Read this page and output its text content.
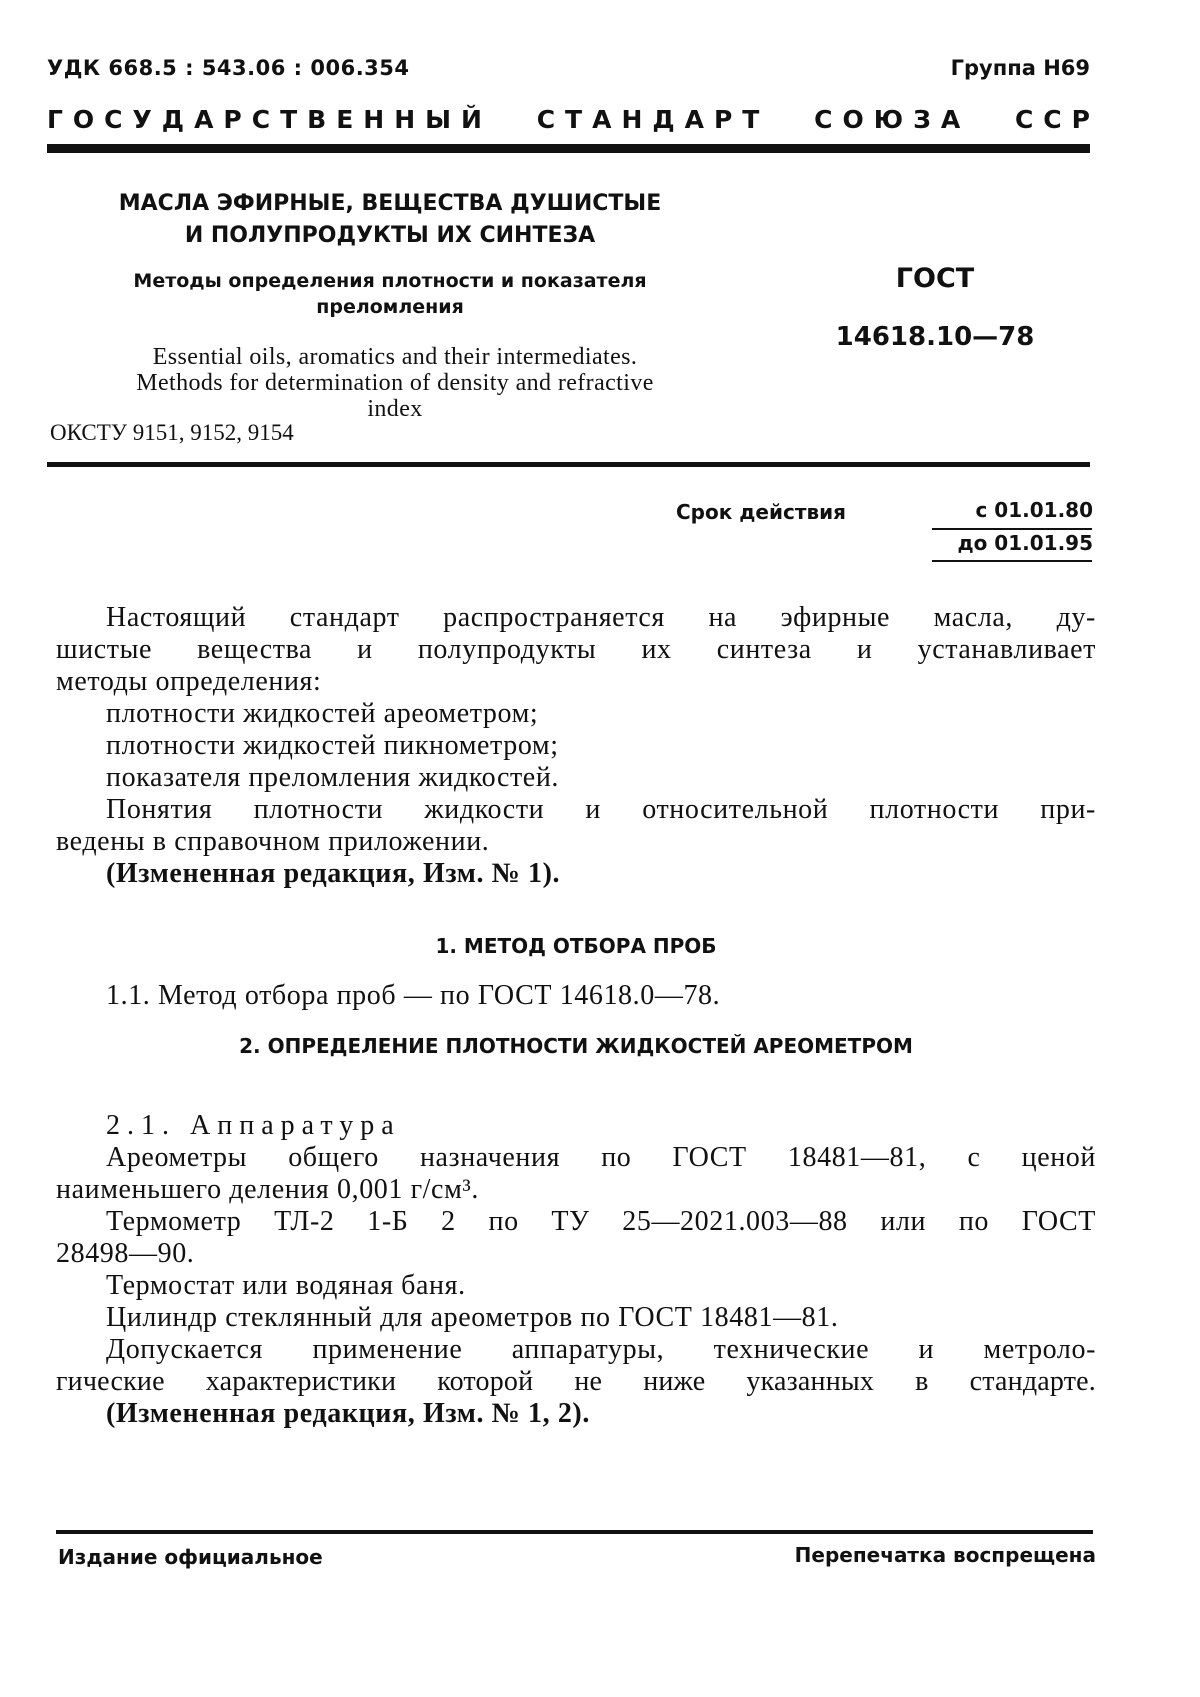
УДК 668.5 : 543.06 : 006.354	Группа Н69
ГОСУДАРСТВЕННЫЙ СТАНДАРТ СОЮЗА ССР
МАСЛА ЭФИРНЫЕ, ВЕЩЕСТВА ДУШИСТЫЕ
И ПОЛУПРОДУКТЫ ИХ СИНТЕЗА
Методы определения плотности и показателя
преломления
Essential oils, aromatics and their intermediates.
Methods for determination of density and refractive
index
ОКСТУ 9151, 9152, 9154
ГОСТ
14618.10—78
Срок действия	с 01.01.80
до 01.01.95

Настоящий стандарт распространяется на эфирные масла, ду-

шистые вещества и полупродукты их синтеза и устанавливает

методы определения:

плотности жидкостей ареометром;

плотности жидкостей пикнометром;

показателя преломления жидкостей.

Понятия плотности жидкости и относительной плотности при-

ведены в справочном приложении.

(Измененная редакция, Изм. № 1).

1. МЕТОД ОТБОРА ПРОБ

1.1. Метод отбора проб — по ГОСТ 14618.0—78.

2. ОПРЕДЕЛЕНИЕ ПЛОТНОСТИ ЖИДКОСТЕЙ АРЕОМЕТРОМ

2.1. Аппаратура

Ареометры общего назначения по ГОСТ 18481—81, с ценой

наименьшего деления 0,001 г/см³.

Термометр ТЛ-2 1-Б 2 по ТУ 25—2021.003—88 или по ГОСТ

28498—90.

Термостат или водяная баня.

Цилиндр стеклянный для ареометров по ГОСТ 18481—81.

Допускается применение аппаратуры, технические и метроло-

гические характеристики которой не ниже указанных в стандарте.

(Измененная редакция, Изм. № 1, 2).

Издание официальное	Перепечатка воспрещена
